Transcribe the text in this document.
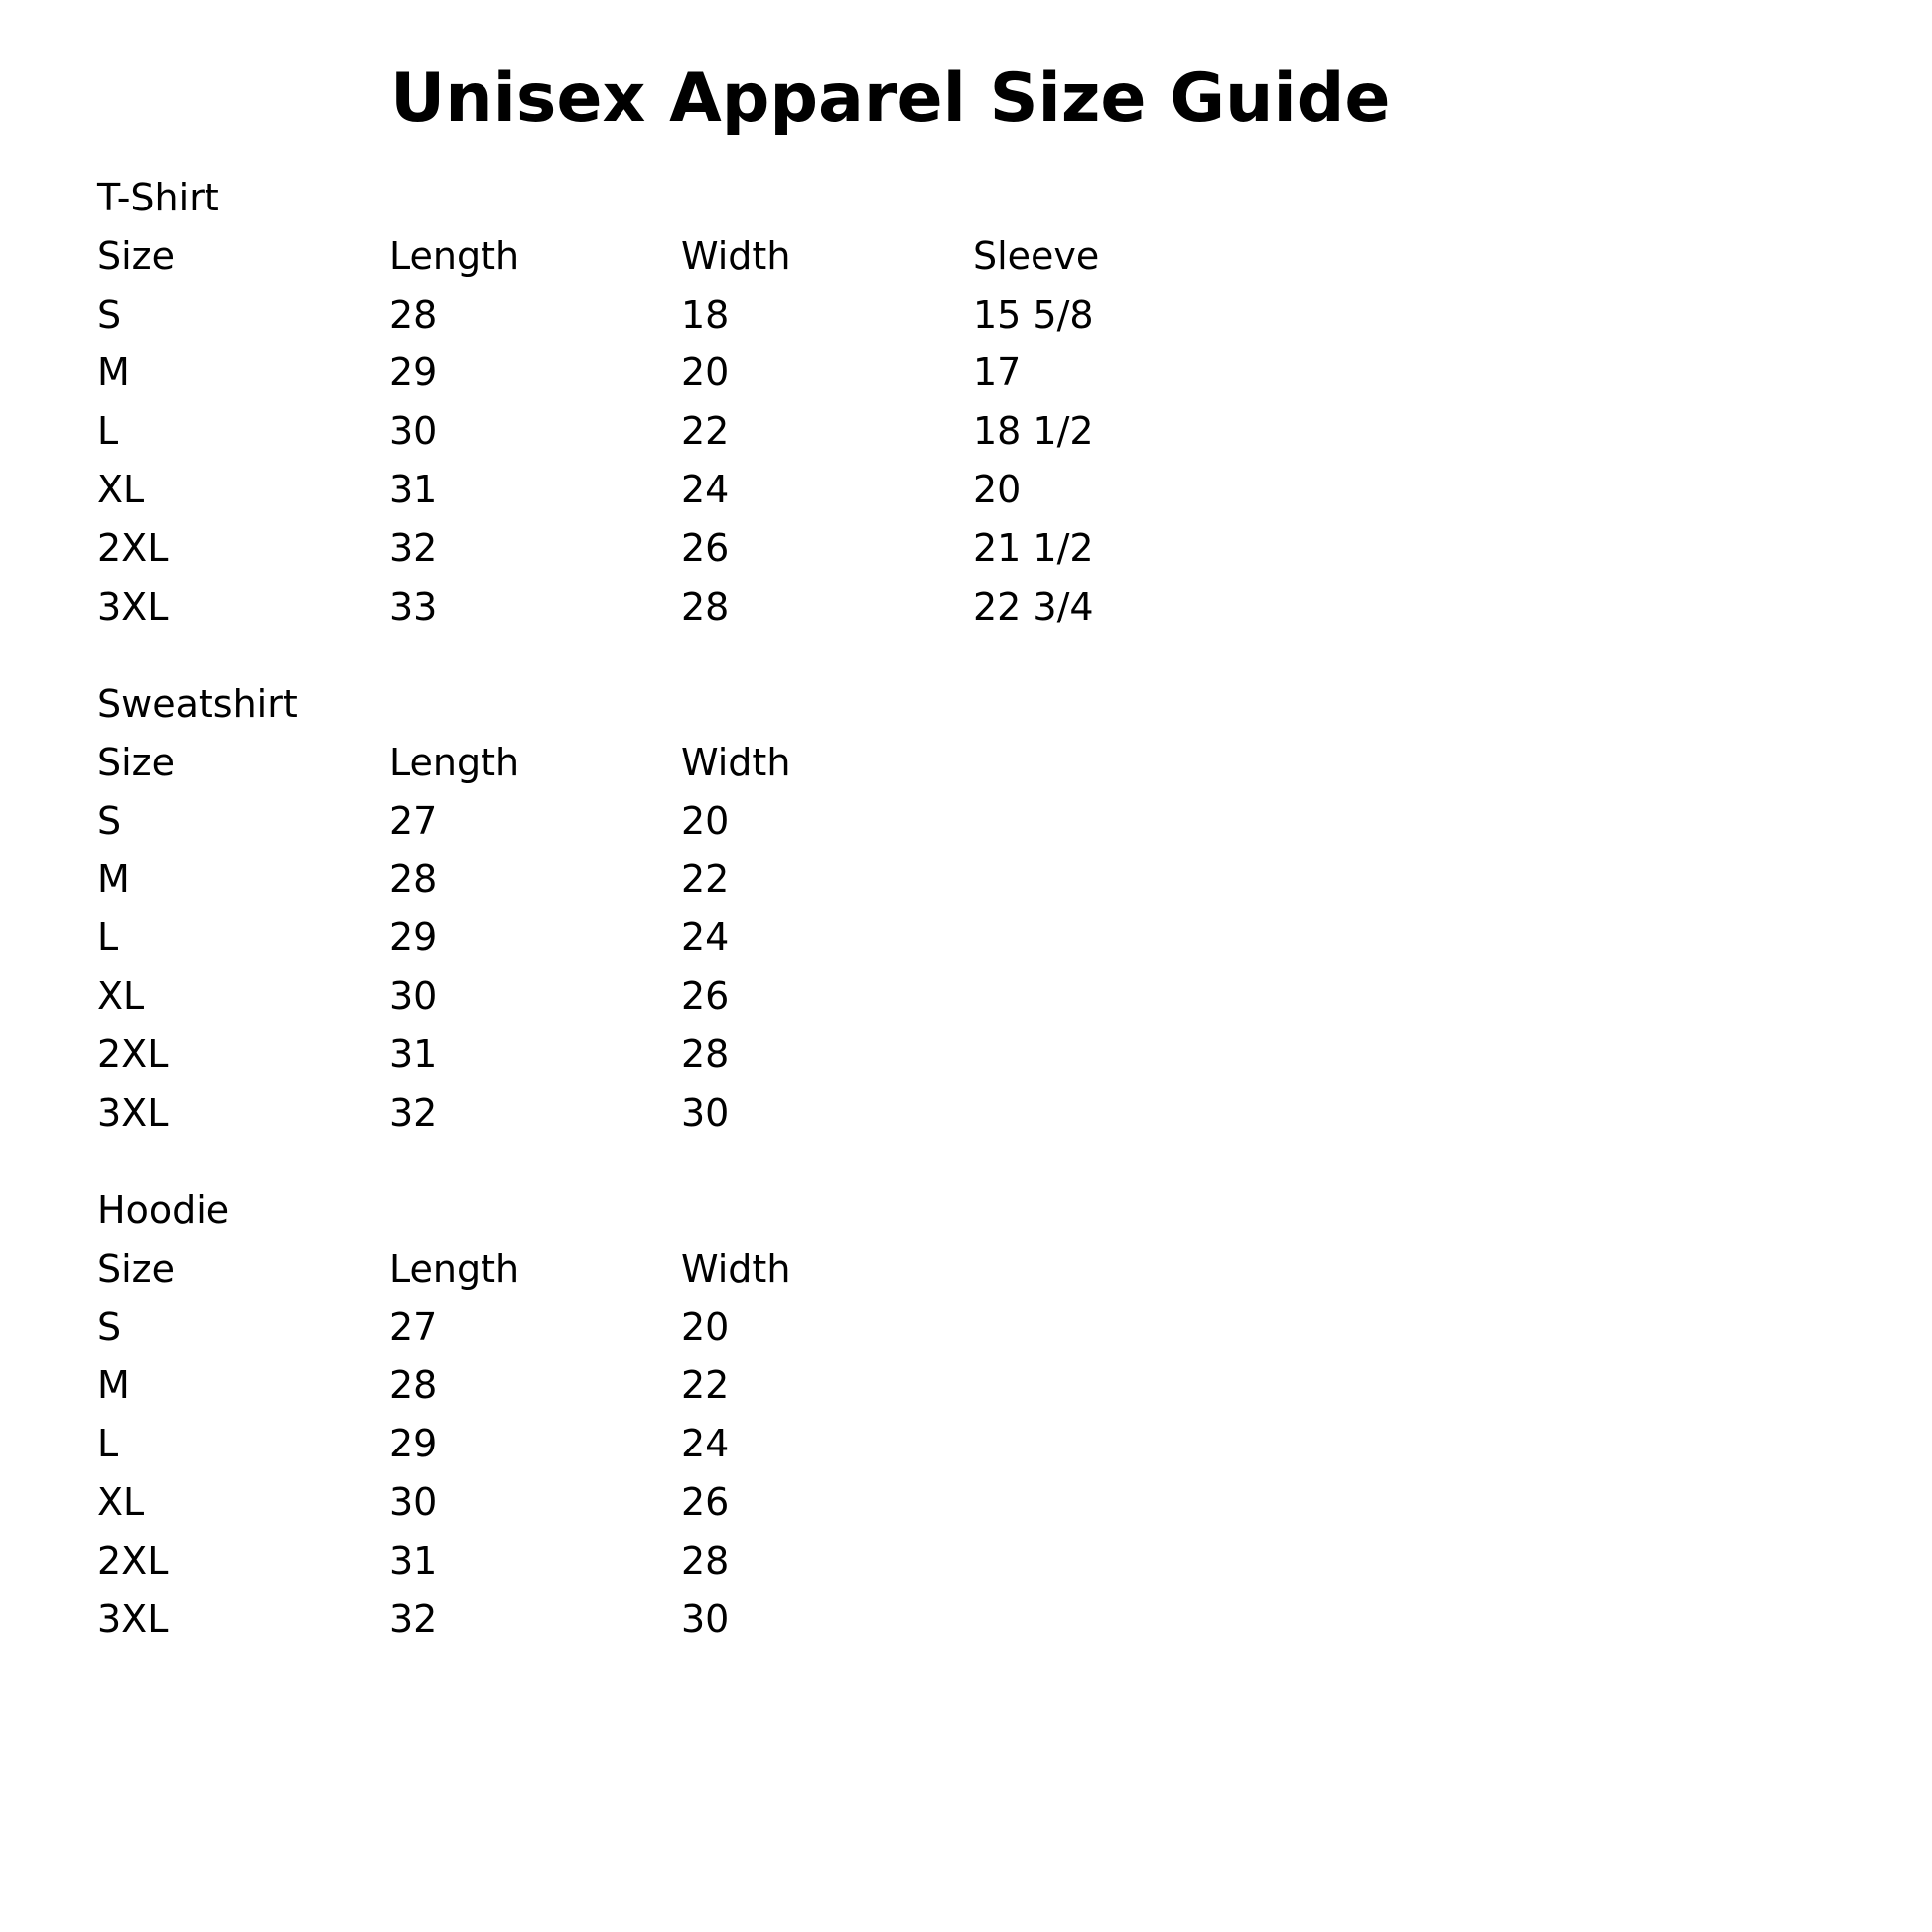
Unisex Apparel Size Guide
T-Shirt
Size	Length	Width	Sleeve
S	28	18	15 5/8
M	29	20	17
L	30	22	18 1/2
XL	31	24	20
2XL	32	26	21 1/2
3XL	33	28	22 3/4
Sweatshirt
Size	Length	Width
S	27	20
M	28	22
L	29	24
XL	30	26
2XL	31	28
3XL	32	30
Hoodie
Size	Length	Width
S	27	20
M	28	22
L	29	24
XL	30	26
2XL	31	28
3XL	32	30
